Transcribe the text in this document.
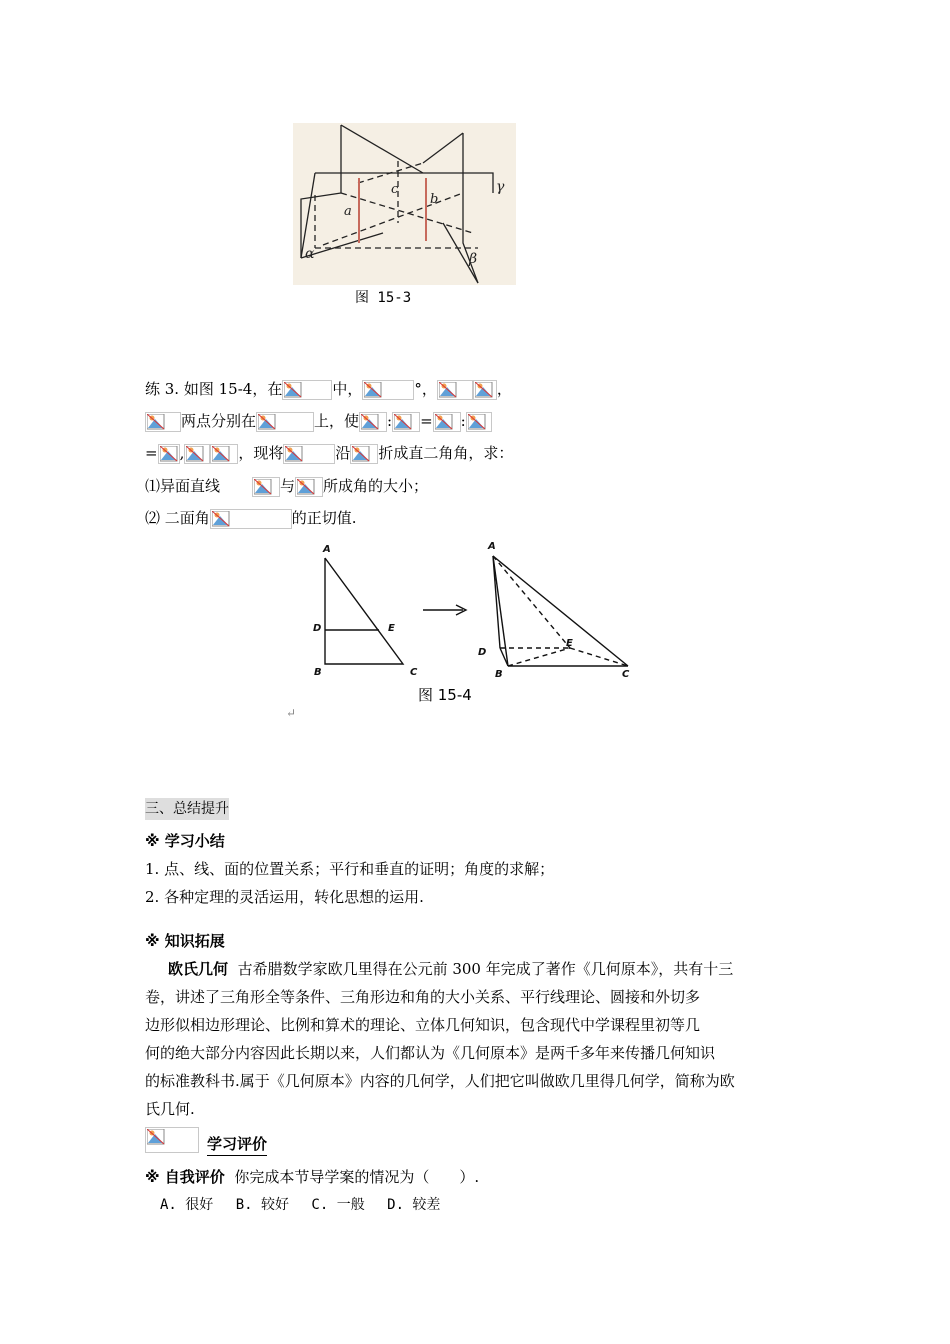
γ
α	β
a
b
c
图 15-3
练 3. 如图 15-4，在	中，	°，	，
两点分别在	上，使 : = :
= ,	，现将	沿 折成直二角角，求：
⑴异面直线	与 所成角的大小；
⑵ 二面角	的正切值.
A
D	E
B	C
A
D
E
B	C
图 15-4
↵
三、总结提升
※ 学习小结
1. 点、线、面的位置关系；平行和垂直的证明；角度的求解；
2. 各种定理的灵活运用，转化思想的运用.
※ 知识拓展
欧氏几何 古希腊数学家欧几里得在公元前 300 年完成了著作《几何原本》，共有十三
卷，讲述了三角形全等条件、三角形边和角的大小关系、平行线理论、圆接和外切多
边形似相边形理论、比例和算术的理论、立体几何知识，包含现代中学课程里初等几
何的绝大部分内容因此长期以来，人们都认为《几何原本》是两千多年来传播几何知识
的标准教科书.属于《几何原本》内容的几何学，人们把它叫做欧几里得几何学，简称为欧
氏几何.
学习评价
※ 自我评价 你完成本节导学案的情况为（　　）.
A. 很好　 B. 较好　 C. 一般　 D. 较差
